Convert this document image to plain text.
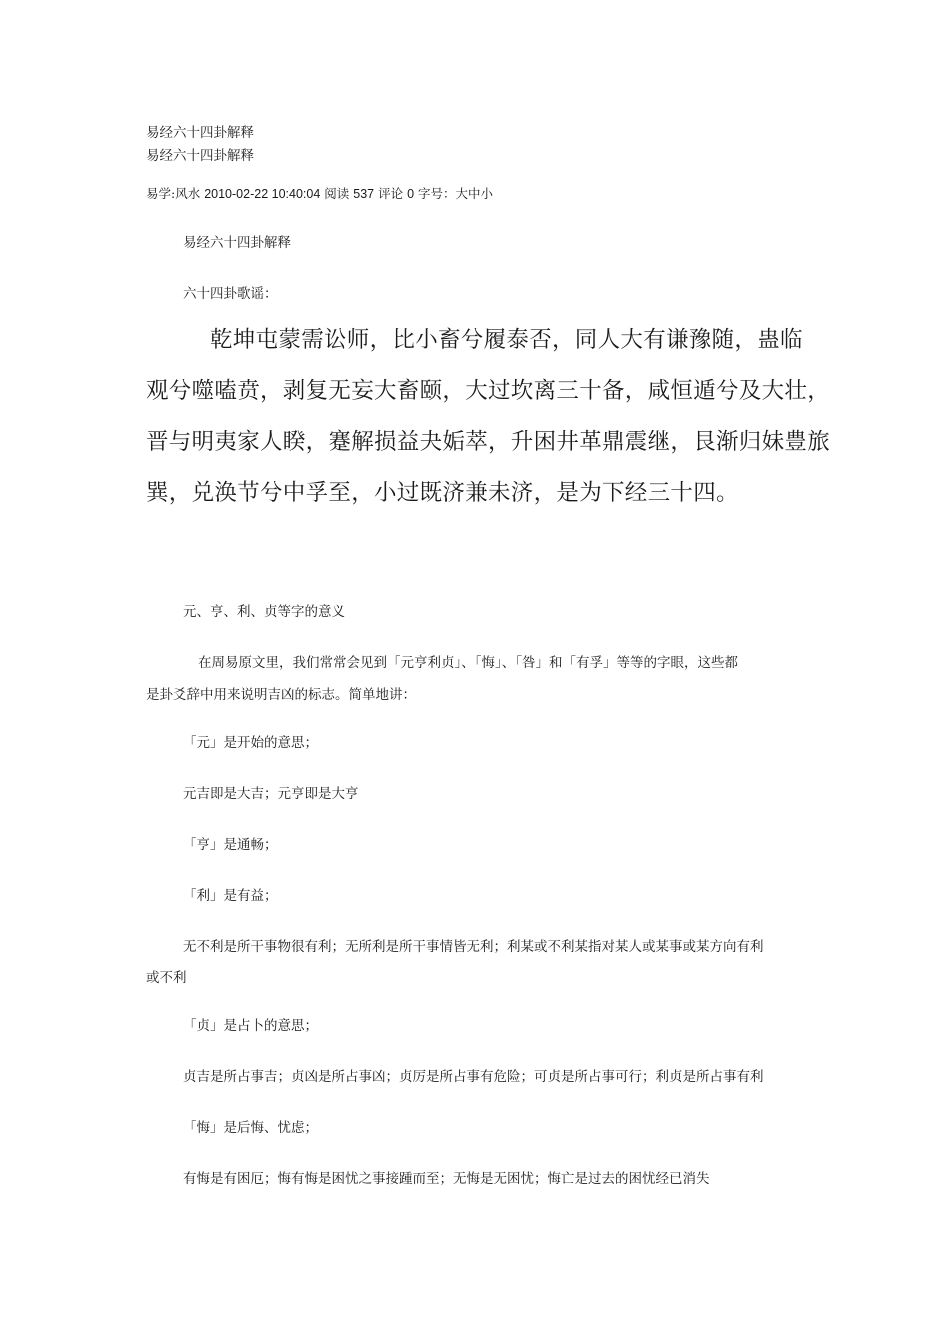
易经六十四卦解释

易经六十四卦解释

易学:风水 2010-02-22 10:40:04 阅读 537 评论 0 字号：大中小

易经六十四卦解释

六十四卦歌谣：

乾坤屯蒙需讼师，比小畜兮履泰否，同人大有谦豫随，蛊临

观兮噬嗑贲，剥复无妄大畜颐，大过坎离三十备，咸恒遁兮及大壮，

晋与明夷家人睽，蹇解损益夬姤萃，升困井革鼎震继，艮渐归妹豊旅

巽，兑涣节兮中孚至，小过既济兼未济，是为下经三十四。

元、亨、利、贞等字的意义

在周易原文里，我们常常会见到「元亨利贞」、「悔」、「咎」和「有孚」等等的字眼，这些都

是卦爻辞中用来说明吉凶的标志。简单地讲：

「元」是开始的意思；

元吉即是大吉；元亨即是大亨

「亨」是通畅；

「利」是有益；

无不利是所干事物很有利；无所利是所干事情皆无利；利某或不利某指对某人或某事或某方向有利

或不利

「贞」是占卜的意思；

贞吉是所占事吉；贞凶是所占事凶；贞厉是所占事有危险；可贞是所占事可行；利贞是所占事有利

「悔」是后悔、忧虑；

有悔是有困厄；悔有悔是困忧之事接踵而至；无悔是无困忧；悔亡是过去的困忧经已消失
